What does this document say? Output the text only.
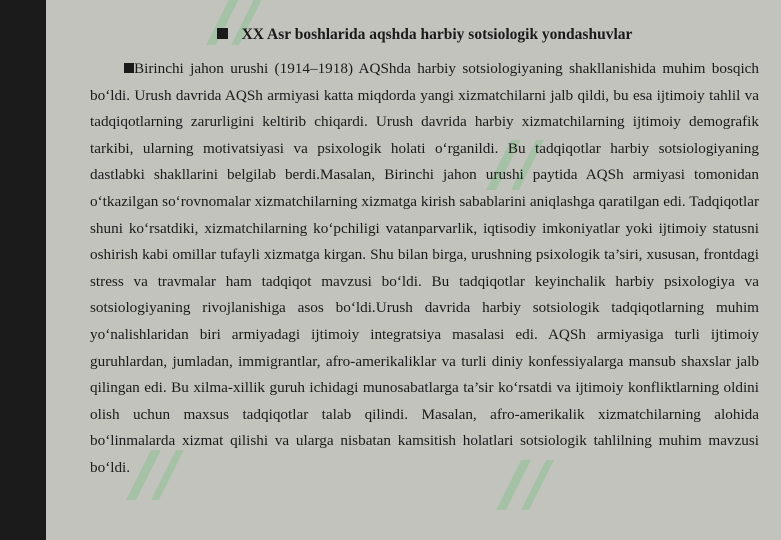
XX Asr boshlarida aqshda harbiy sotsiologik yondashuvlar

Birinchi jahon urushi (1914–1918) AQShda harbiy sotsiologiyaning shakllanishida muhim bosqich bo‘ldi. Urush davrida AQSh armiyasi katta miqdorda yangi xizmatchilarni jalb qildi, bu esa ijtimoiy tahlil va tadqiqotlarning zarurligini keltirib chiqardi. Urush davrida harbiy xizmatchilarning ijtimoiy demografik tarkibi, ularning motivatsiyasi va psixologik holati o‘rganildi. Bu tadqiqotlar harbiy sotsiologiyaning dastlabki shakllarini belgilab berdi.Masalan, Birinchi jahon urushi paytida AQSh armiyasi tomonidan o‘tkazilgan so‘rovnomalar xizmatchilarning xizmatga kirish sabablarini aniqlashga qaratilgan edi. Tadqiqotlar shuni ko‘rsatdiki, xizmatchilarning ko‘pchiligi vatanparvarlik, iqtisodiy imkoniyatlar yoki ijtimoiy statusni oshirish kabi omillar tufayli xizmatga kirgan. Shu bilan birga, urushning psixologik ta’siri, xususan, frontdagi stress va travmalar ham tadqiqot mavzusi bo‘ldi. Bu tadqiqotlar keyinchalik harbiy psixologiya va sotsiologiyaning rivojlanishiga asos bo‘ldi.Urush davrida harbiy sotsiologik tadqiqotlarning muhim yo‘nalishlaridan biri armiyadagi ijtimoiy integratsiya masalasi edi. AQSh armiyasiga turli ijtimoiy guruhlardan, jumladan, immigrantlar, afro-amerikaliklar va turli diniy konfessiyalarga mansub shaxslar jalb qilingan edi. Bu xilma-xillik guruh ichidagi munosabatlarga ta’sir ko‘rsatdi va ijtimoiy konfliktlarning oldini olish uchun maxsus tadqiqotlar talab qilindi. Masalan, afro-amerikalik xizmatchilarning alohida bo‘linmalarda xizmat qilishi va ularga nisbatan kamsitish holatlari sotsiologik tahlilning muhim mavzusi bo‘ldi.
